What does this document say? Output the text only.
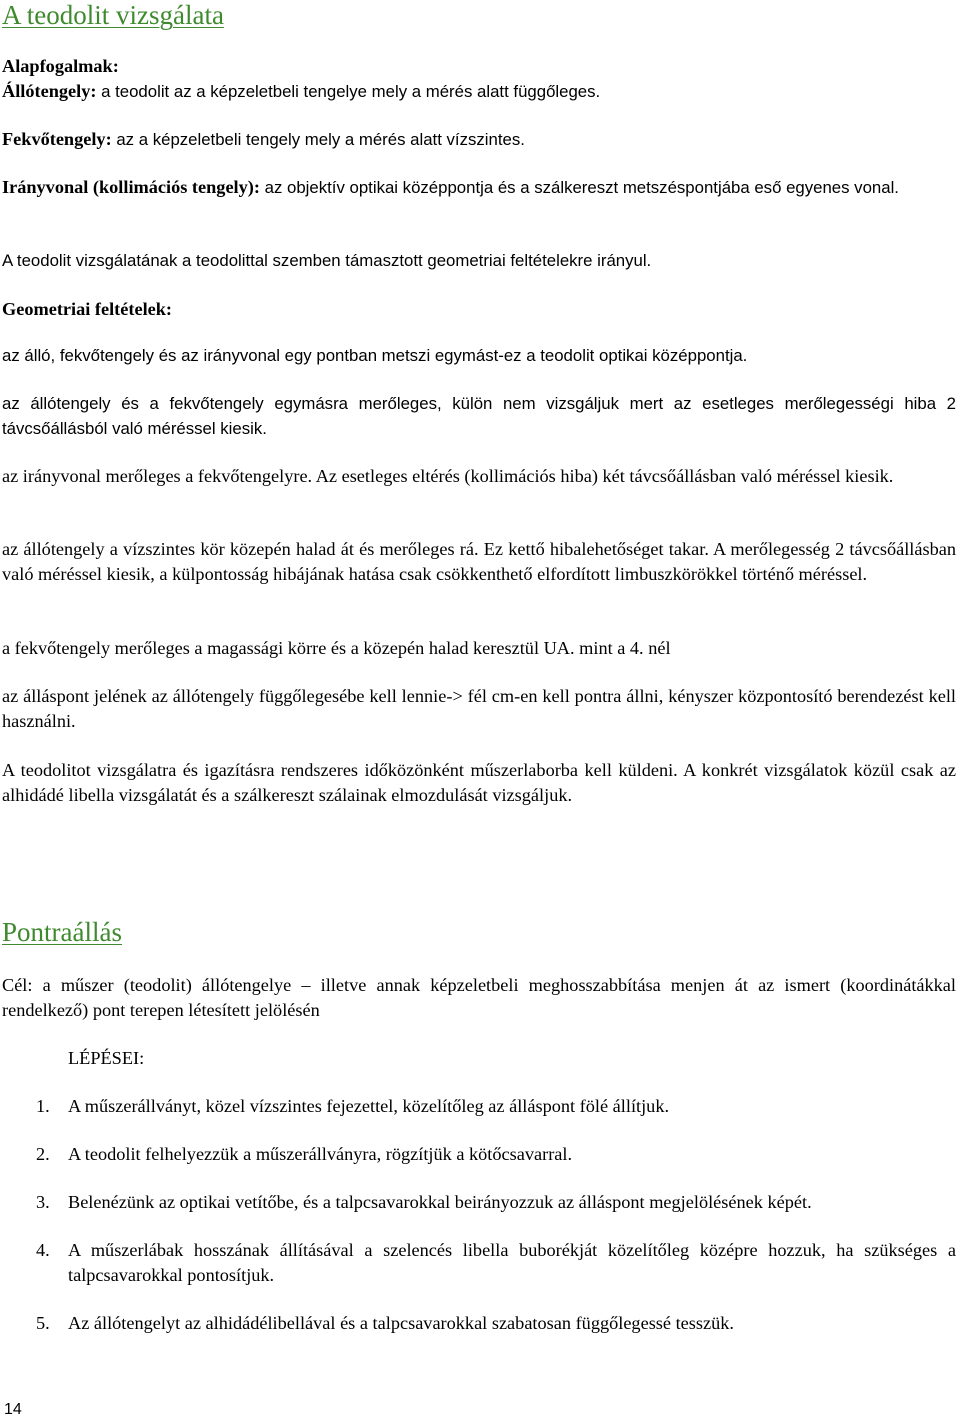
A teodolit vizsgálata

Alapfogalmak:
Állótengely: a teodolit az a képzeletbeli tengelye mely a mérés alatt függőleges.

Fekvőtengely: az a képzeletbeli tengely mely a mérés alatt vízszintes.

Irányvonal (kollimációs tengely): az objektív optikai középpontja és a szálkereszt metszéspontjába eső egyenes vonal.

A teodolit vizsgálatának a teodolittal szemben támasztott geometriai feltételekre irányul.

Geometriai feltételek:

az álló, fekvőtengely és az irányvonal egy pontban metszi egymást-ez a teodolit optikai középpontja.

az állótengely és a fekvőtengely egymásra merőleges, külön nem vizsgáljuk mert az esetleges merőlegességi hiba 2 távcsőállásból való méréssel kiesik.

az irányvonal merőleges a fekvőtengelyre. Az esetleges eltérés (kollimációs hiba) két távcsőállásban való méréssel kiesik.

az állótengely a vízszintes kör közepén halad át és merőleges rá. Ez kettő hibalehetőséget takar. A merőlegesség 2 távcsőállásban való méréssel kiesik, a külpontosság hibájának hatása csak csökkenthető elfordított limbuszkörökkel történő méréssel.

a fekvőtengely merőleges a magassági körre és a közepén halad keresztül UA. mint a 4. nél

az álláspont jelének az állótengely függőlegesébe kell lennie-> fél cm-en kell pontra állni, kényszer központosító berendezést kell használni.

A teodolitot vizsgálatra és igazításra rendszeres időközönként műszerlaborba kell küldeni. A konkrét vizsgálatok közül csak az alhidádé libella vizsgálatát és a szálkereszt szálainak elmozdulását vizsgáljuk.

Pontraállás

Cél: a műszer (teodolit) állótengelye – illetve annak képzeletbeli meghosszabbítása menjen át az ismert (koordinátákkal rendelkező) pont terepen létesített jelölésén

LÉPÉSEI:

1. A műszerállványt, közel vízszintes fejezettel, közelítőleg az álláspont fölé állítjuk.
2. A teodolit felhelyezzük a műszerállványra, rögzítjük a kötőcsavarral.
3. Belenézünk az optikai vetítőbe, és a talpcsavarokkal beirányozzuk az álláspont megjelölésének képét.
4. A műszerlábak hosszának állításával a szelencés libella buborékját közelítőleg középre hozzuk, ha szükséges a talpcsavarokkal pontosítjuk.
5. Az állótengelyt az alhidádélibellával és a talpcsavarokkal szabatosan függőlegessé tesszük.
14
